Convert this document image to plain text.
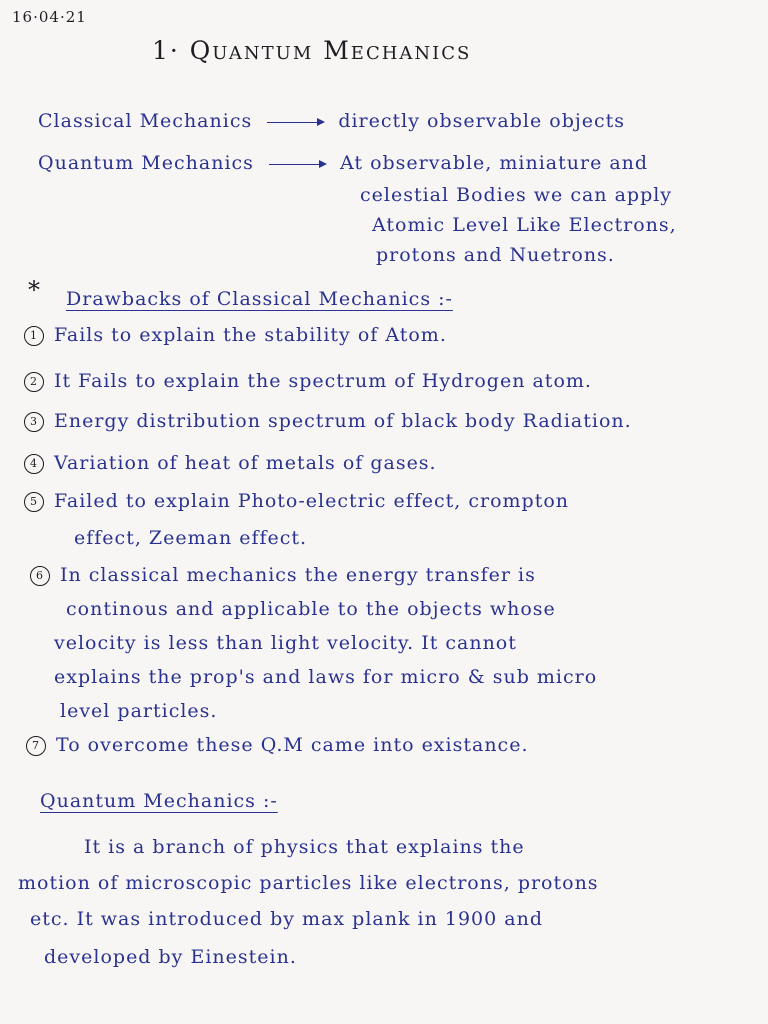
16·04·21
1· Quantum Mechanics
Classical Mechanics	directly observable objects
Quantum Mechanics	At observable, miniature and
celestial Bodies we can apply
Atomic Level Like Electrons,
protons and Nuetrons.
* Drawbacks of Classical Mechanics :-
1 Fails to explain the stability of Atom.
2 It Fails to explain the spectrum of Hydrogen atom.
3 Energy distribution spectrum of black body Radiation.
4 Variation of heat of metals of gases.
5 Failed to explain Photo-electric effect, crompton
effect, Zeeman effect.
6 In classical mechanics the energy transfer is
continous and applicable to the objects whose
velocity is less than light velocity. It cannot
explains the prop's and laws for micro & sub micro
level particles.
7 To overcome these Q.M came into existance.
Quantum Mechanics :-
It is a branch of physics that explains the
motion of microscopic particles like electrons, protons
etc. It was introduced by max plank in 1900 and
developed by Einestein.
